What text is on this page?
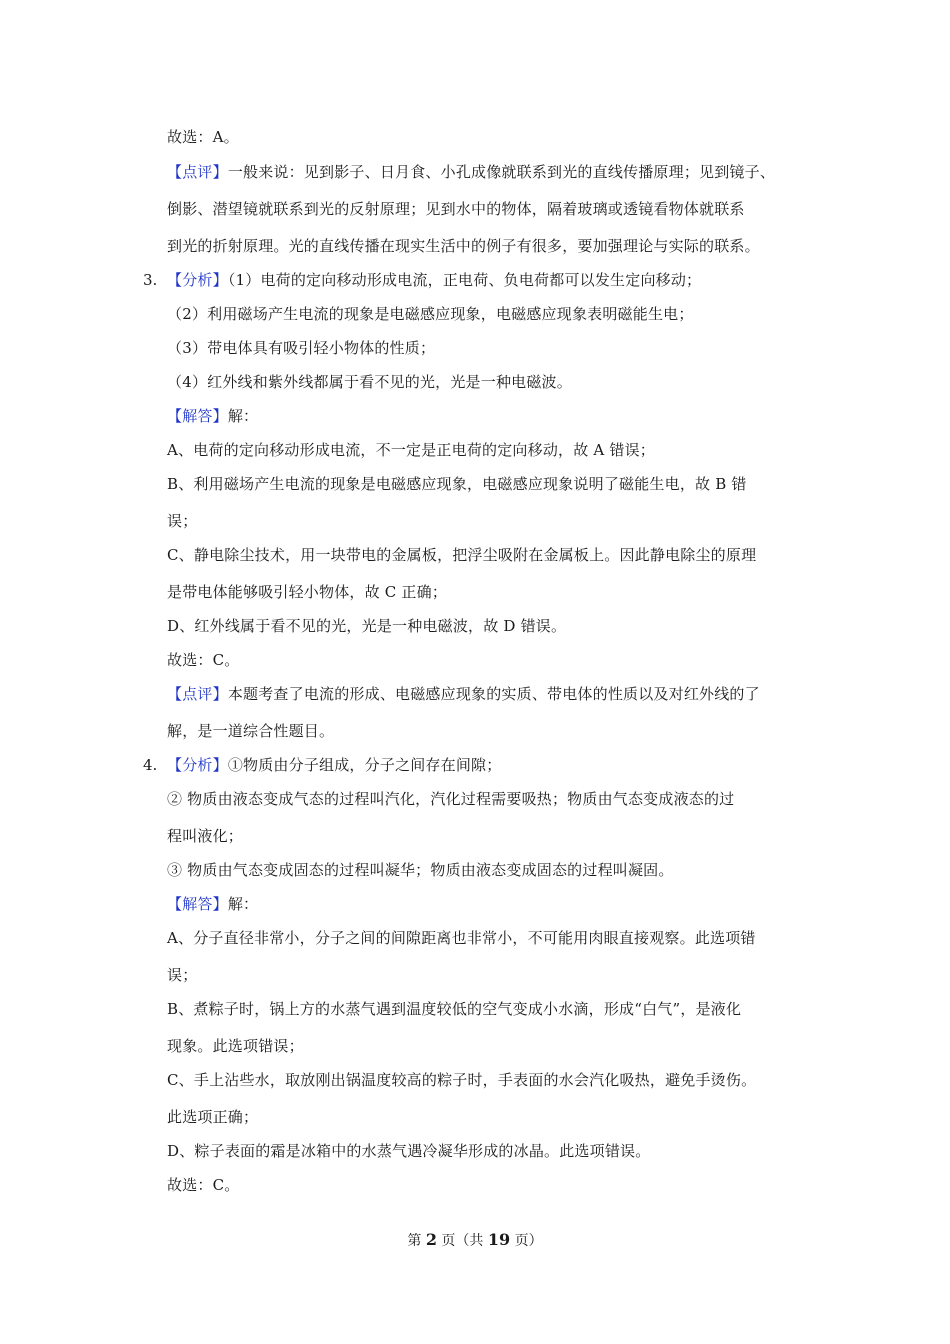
故选：A。
【点评】一般来说：见到影子、日月食、小孔成像就联系到光的直线传播原理；见到镜子、
倒影、潜望镜就联系到光的反射原理；见到水中的物体，隔着玻璃或透镜看物体就联系
到光的折射原理。光的直线传播在现实生活中的例子有很多，要加强理论与实际的联系。
3. 【分析】（1）电荷的定向移动形成电流，正电荷、负电荷都可以发生定向移动；
（2）利用磁场产生电流的现象是电磁感应现象，电磁感应现象表明磁能生电；
（3）带电体具有吸引轻小物体的性质；
（4）红外线和紫外线都属于看不见的光，光是一种电磁波。
【解答】解：
A、电荷的定向移动形成电流，不一定是正电荷的定向移动，故 A 错误；
B、利用磁场产生电流的现象是电磁感应现象，电磁感应现象说明了磁能生电，故 B 错
误；
C、静电除尘技术，用一块带电的金属板，把浮尘吸附在金属板上。因此静电除尘的原理
是带电体能够吸引轻小物体，故 C 正确；
D、红外线属于看不见的光，光是一种电磁波，故 D 错误。
故选：C。
【点评】本题考查了电流的形成、电磁感应现象的实质、带电体的性质以及对红外线的了
解，是一道综合性题目。
4. 【分析】①物质由分子组成，分子之间存在间隙；
② 物质由液态变成气态的过程叫汽化，汽化过程需要吸热；物质由气态变成液态的过
程叫液化；
③ 物质由气态变成固态的过程叫凝华；物质由液态变成固态的过程叫凝固。
【解答】解：
A、分子直径非常小，分子之间的间隙距离也非常小，不可能用肉眼直接观察。此选项错
误；
B、煮粽子时，锅上方的水蒸气遇到温度较低的空气变成小水滴，形成“白气”，是液化
现象。此选项错误；
C、手上沾些水，取放刚出锅温度较高的粽子时，手表面的水会汽化吸热，避免手烫伤。
此选项正确；
D、粽子表面的霜是冰箱中的水蒸气遇冷凝华形成的冰晶。此选项错误。
故选：C。
第 2 页（共 19 页）
